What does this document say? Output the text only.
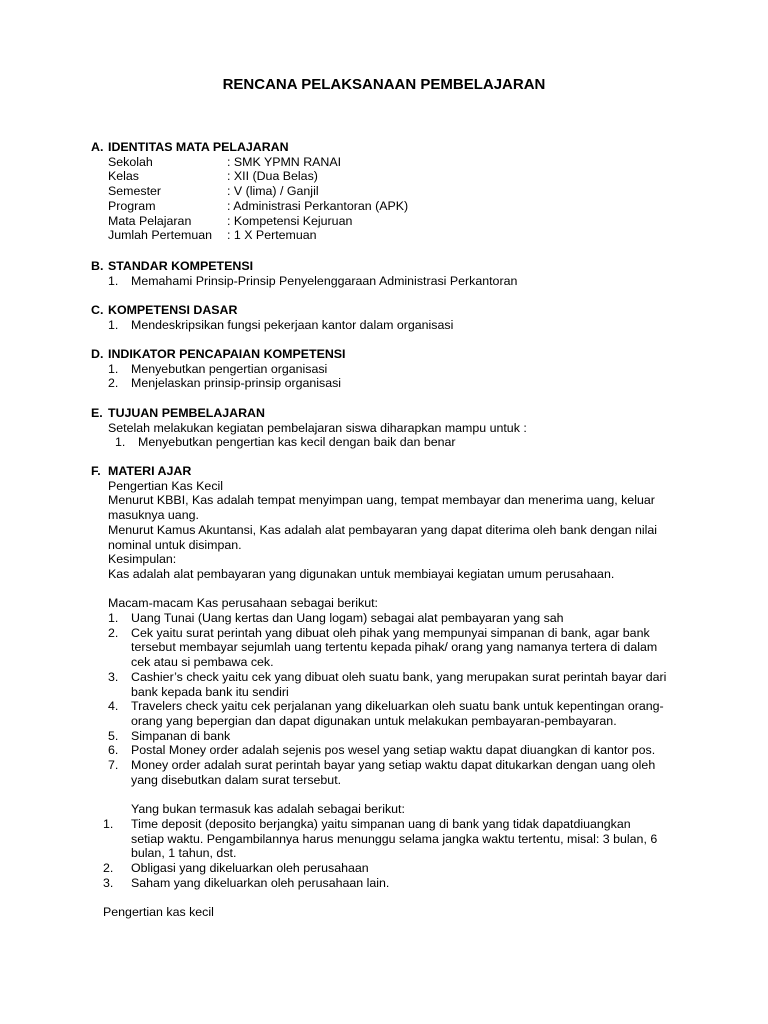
RENCANA PELAKSANAAN PEMBELAJARAN
A. IDENTITAS MATA PELAJARAN
Sekolah	: SMK YPMN RANAI
Kelas	: XII (Dua Belas)
Semester	: V (lima) / Ganjil
Program	: Administrasi Perkantoran (APK)
Mata Pelajaran	: Kompetensi Kejuruan
Jumlah Pertemuan	: 1 X Pertemuan
B. STANDAR KOMPETENSI
1.	Memahami Prinsip-Prinsip Penyelenggaraan Administrasi Perkantoran
C. KOMPETENSI DASAR
1.	Mendeskripsikan fungsi pekerjaan kantor dalam organisasi
D. INDIKATOR PENCAPAIAN KOMPETENSI
1.	Menyebutkan pengertian organisasi
2.	Menjelaskan prinsip-prinsip organisasi
E. TUJUAN PEMBELAJARAN
Setelah melakukan kegiatan pembelajaran siswa diharapkan mampu untuk :
1.	Menyebutkan pengertian kas kecil dengan baik dan benar
F. MATERI AJAR
Pengertian Kas Kecil
Menurut KBBI, Kas adalah tempat menyimpan uang, tempat membayar dan menerima uang, keluar
masuknya uang.
Menurut Kamus Akuntansi, Kas adalah alat pembayaran yang dapat diterima oleh bank dengan nilai
nominal untuk disimpan.
Kesimpulan:
Kas adalah alat pembayaran yang digunakan untuk membiayai kegiatan umum perusahaan.
Macam-macam Kas perusahaan sebagai berikut:
1.	Uang Tunai (Uang kertas dan Uang logam) sebagai alat pembayaran yang sah
2.	Cek yaitu surat perintah yang dibuat oleh pihak yang mempunyai simpanan di bank, agar bank
tersebut membayar sejumlah uang tertentu kepada pihak/ orang yang namanya tertera di dalam
cek atau si pembawa cek.
3.	Cashier’s check yaitu cek yang dibuat oleh suatu bank, yang merupakan surat perintah bayar dari
bank kepada bank itu sendiri
4.	Travelers check yaitu cek perjalanan yang dikeluarkan oleh suatu bank untuk kepentingan orang-
orang yang bepergian dan dapat digunakan untuk melakukan pembayaran-pembayaran.
5.	Simpanan di bank
6.	Postal Money order adalah sejenis pos wesel yang setiap waktu dapat diuangkan di kantor pos.
7.	Money order adalah surat perintah bayar yang setiap waktu dapat ditukarkan dengan uang oleh
yang disebutkan dalam surat tersebut.
Yang bukan termasuk kas adalah sebagai berikut:
1.	Time deposit (deposito berjangka) yaitu simpanan uang di bank yang tidak dapatdiuangkan
setiap waktu. Pengambilannya harus menunggu selama jangka waktu tertentu, misal: 3 bulan, 6
bulan, 1 tahun, dst.
2.	Obligasi yang dikeluarkan oleh perusahaan
3.	Saham yang dikeluarkan oleh perusahaan lain.
Pengertian kas kecil
